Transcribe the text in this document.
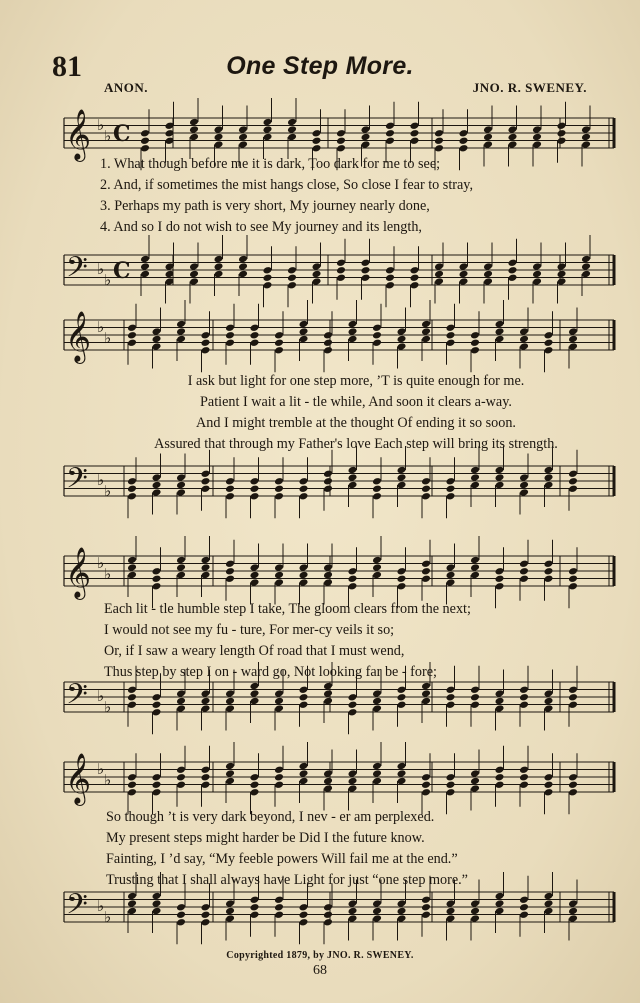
81	One Step More.
ANON.	JNO. R. SWENEY.
𝄞 ♭
♭ C
𝄢 ♭
♭ C
𝄞 ♭
♭
𝄢 ♭
♭
𝄞 ♭
♭
𝄢 ♭
♭
𝄞 ♭
♭
𝄢 ♭
♭
1. What though before me it is dark, Too dark for me to see;
2. And, if sometimes the mist hangs close, So close I fear to stray,
3. Perhaps my path is very short, My journey nearly done,
4. And so I do not wish to see My journey and its length,
I ask but light for one step more, ’T is quite enough for me.
Patient I wait a lit - tle while, And soon it clears a-way.
And I might tremble at the thought Of ending it so soon.
Assured that through my Father's love Each step will bring its strength.
Each lit - tle humble step I take, The gloom clears from the next;
I would not see my fu - ture, For mer-cy veils it so;
Or, if I saw a weary length Of road that I must wend,
Thus step by step I on - ward go, Not looking far be - fore;
So though ’t is very dark beyond, I nev - er am perplexed.
My present steps might harder be Did I the future know.
Fainting, I ’d say, “My feeble powers Will fail me at the end.”
Trusting that I shall always have Light for just “one step more.”
Copyrighted 1879, by JNO. R. SWENEY.
68
